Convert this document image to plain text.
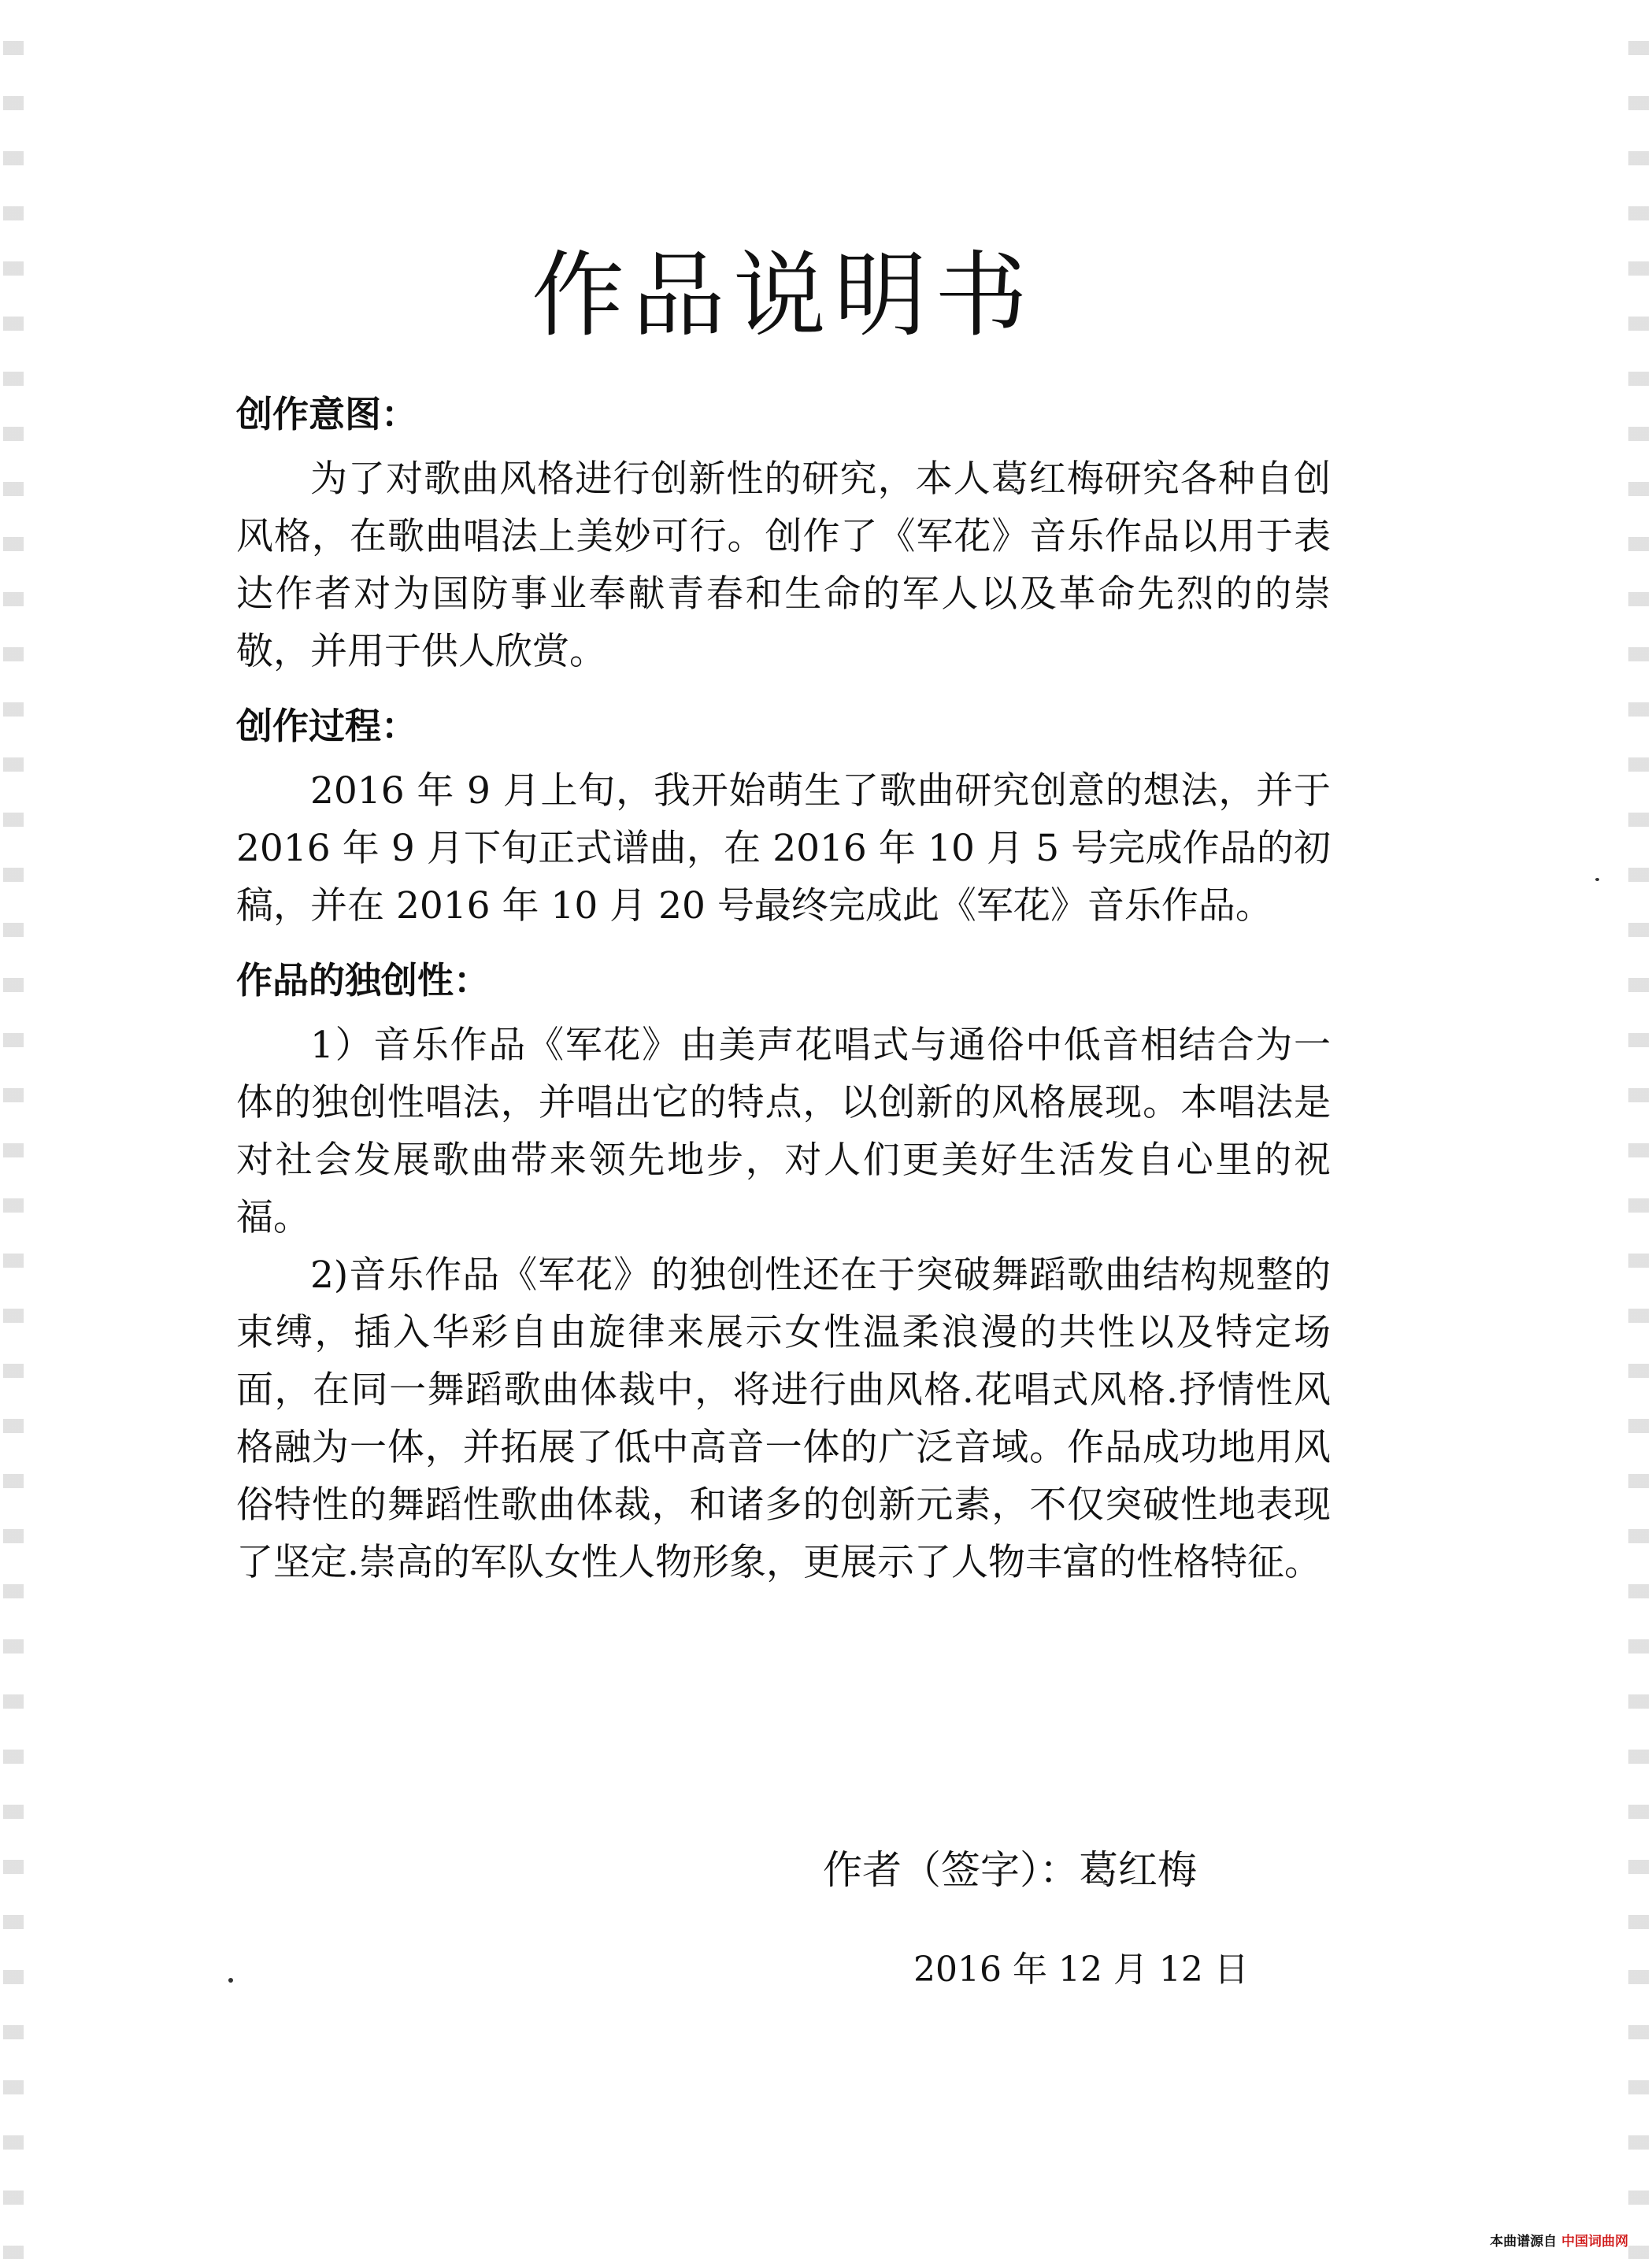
作品说明书
创作意图：

为了对歌曲风格进行创新性的研究，本人葛红梅研究各种自创风格，在歌曲唱法上美妙可行。创作了《军花》音乐作品以用于表达作者对为国防事业奉献青春和生命的军人以及革命先烈的的崇敬，并用于供人欣赏。

创作过程：

2016 年 9 月上旬，我开始萌生了歌曲研究创意的想法，并于 2016 年 9 月下旬正式谱曲，在 2016 年 10 月 5 号完成作品的初稿，并在 2016 年 10 月 20 号最终完成此《军花》音乐作品。

作品的独创性：

1）音乐作品《军花》由美声花唱式与通俗中低音相结合为一体的独创性唱法，并唱出它的特点，以创新的风格展现。本唱法是对社会发展歌曲带来领先地步，对人们更美好生活发自心里的祝福。

2)音乐作品《军花》的独创性还在于突破舞蹈歌曲结构规整的束缚，插入华彩自由旋律来展示女性温柔浪漫的共性以及特定场面，在同一舞蹈歌曲体裁中，将进行曲风格.花唱式风格.抒情性风格融为一体，并拓展了低中高音一体的广泛音域。作品成功地用风俗特性的舞蹈性歌曲体裁，和诸多的创新元素，不仅突破性地表现了坚定.崇高的军队女性人物形象，更展示了人物丰富的性格特征。

作者（签字）：葛红梅
2016 年 12 月 12 日
本曲谱源自 中国词曲网
